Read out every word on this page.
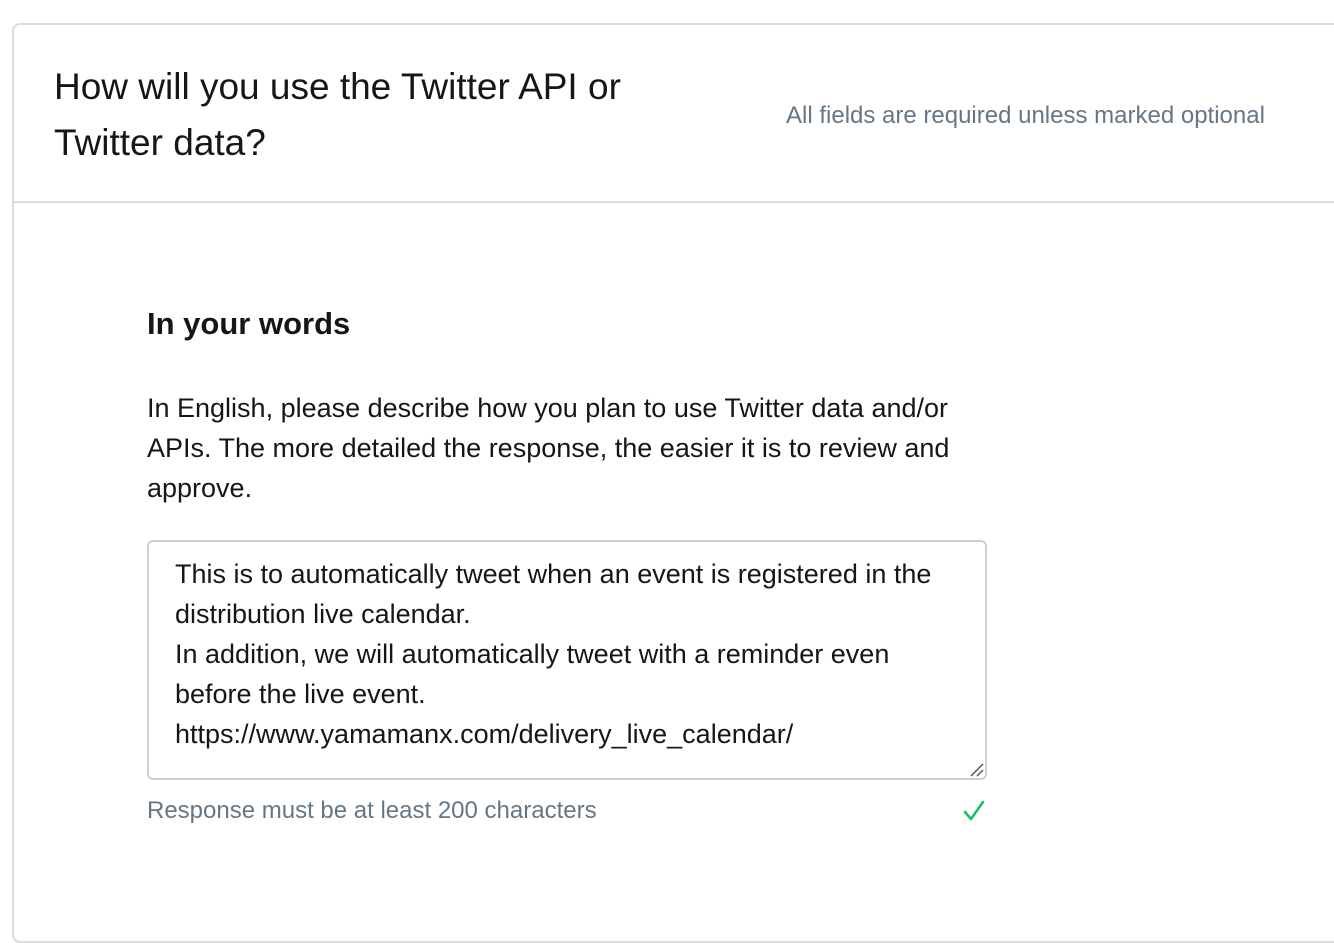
How will you use the Twitter API or Twitter data?
All fields are required unless marked optional
In your words

In English, please describe how you plan to use Twitter data and/or APIs. The more detailed the response, the easier it is to review and approve.

This is to automatically tweet when an event is registered in the distribution live calendar. In addition, we will automatically tweet with a reminder even before the live event. https://www.yamamanx.com/delivery_live_calendar/
Response must be at least 200 characters
